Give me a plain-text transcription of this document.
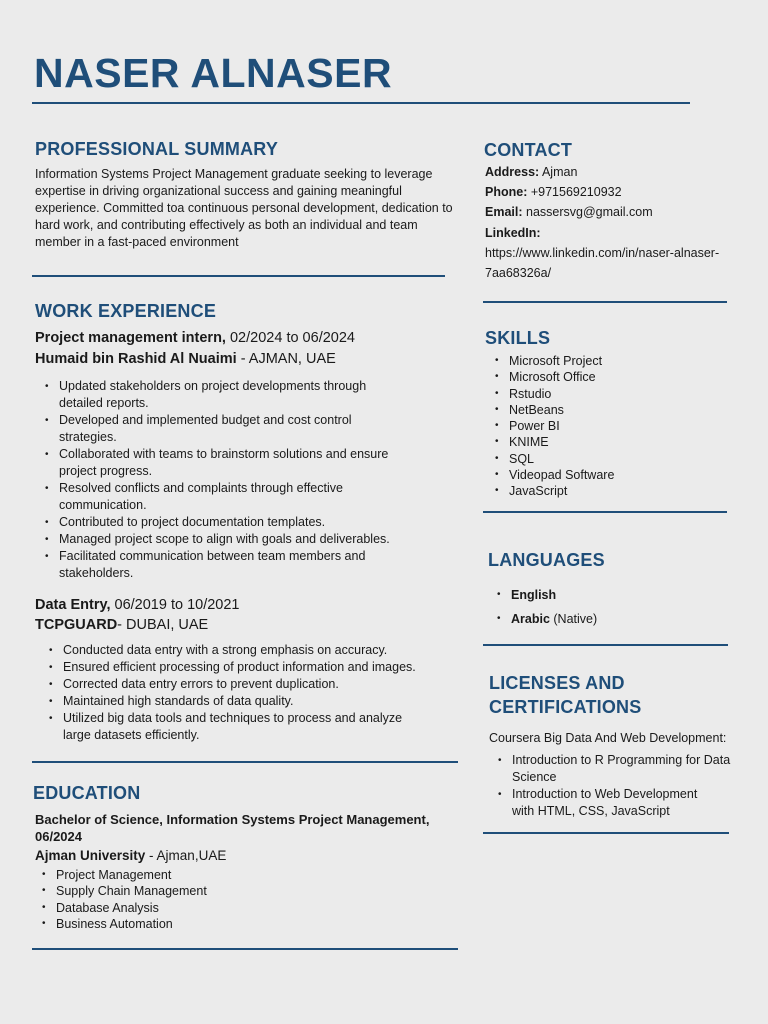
NASER ALNASER
PROFESSIONAL SUMMARY

Information Systems Project Management graduate seeking to leverage expertise in driving organizational success and gaining meaningful experience. Committed toa continuous personal development, dedication to hard work, and contributing effectively as both an individual and team member in a fast-paced environment

WORK EXPERIENCE
Project management intern, 02/2024 to 06/2024
Humaid bin Rashid Al Nuaimi - AJMAN, UAE
• Updated stakeholders on project developments through detailed reports.
• Developed and implemented budget and cost control strategies.
• Collaborated with teams to brainstorm solutions and ensure project progress.
• Resolved conflicts and complaints through effective communication.
• Contributed to project documentation templates.
• Managed project scope to align with goals and deliverables.
• Facilitated communication between team members and stakeholders.
Data Entry, 06/2019 to 10/2021
TCPGUARD- DUBAI, UAE
• Conducted data entry with a strong emphasis on accuracy.
• Ensured efficient processing of product information and images.
• Corrected data entry errors to prevent duplication.
• Maintained high standards of data quality.
• Utilized big data tools and techniques to process and analyze large datasets efficiently.
EDUCATION

Bachelor of Science, Information Systems Project Management, 06/2024

Ajman University - Ajman,UAE
• Project Management
• Supply Chain Management
• Database Analysis
• Business Automation
CONTACT
Address: Ajman
Phone: +971569210932
Email: nassersvg@gmail.com
LinkedIn:
https://www.linkedin.com/in/naser-alnaser-
7aa68326a/
SKILLS
• Microsoft Project
• Microsoft Office
• Rstudio
• NetBeans
• Power BI
• KNIME
• SQL
• Videopad Software
• JavaScript
LANGUAGES
• English
• Arabic (Native)
LICENSES AND
CERTIFICATIONS

Coursera Big Data And Web Development:

• Introduction to R Programming for Data Science
• Introduction to Web Development with HTML, CSS, JavaScript
